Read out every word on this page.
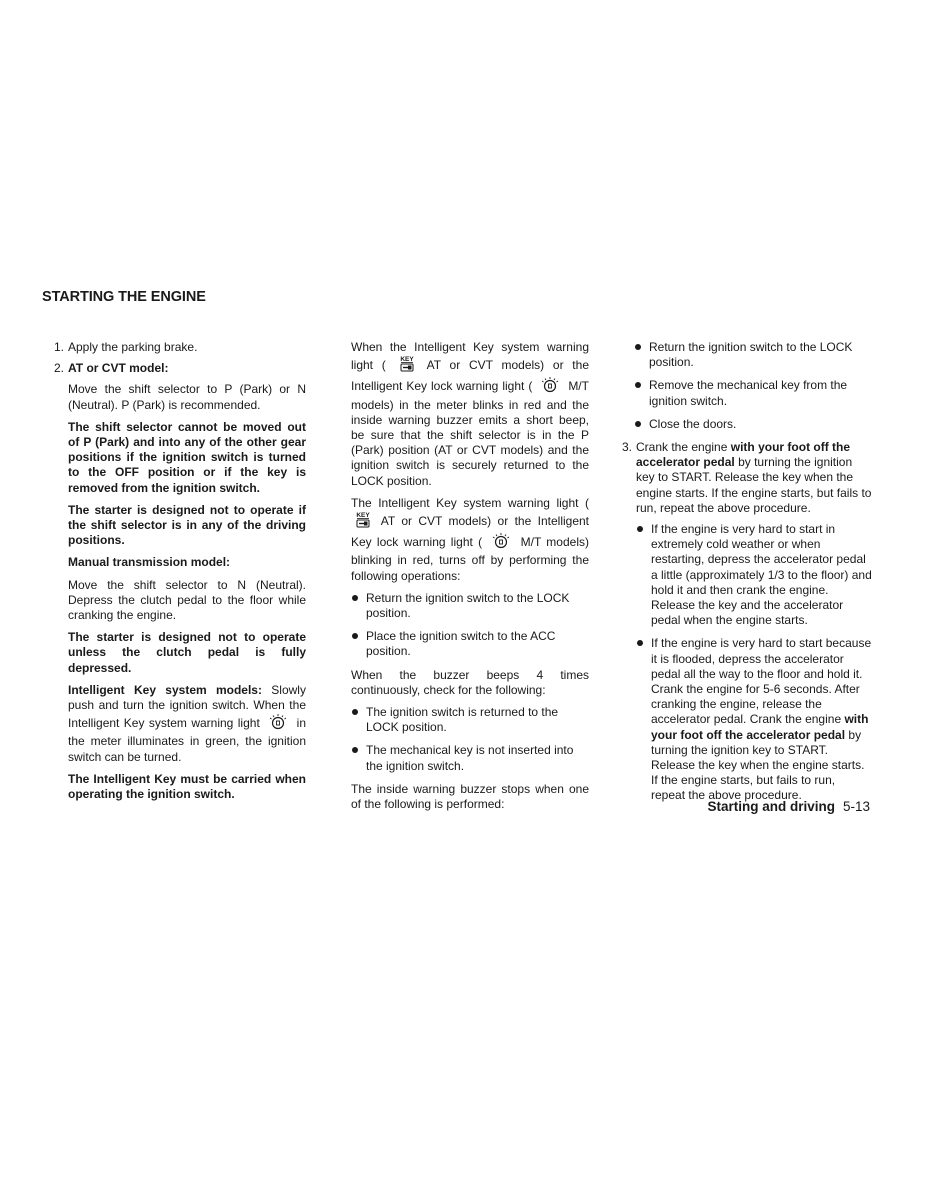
STARTING THE ENGINE
1. Apply the parking brake.
2. AT or CVT model:

Move the shift selector to P (Park) or N (Neutral). P (Park) is recommended.

The shift selector cannot be moved out of P (Park) and into any of the other gear positions if the ignition switch is turned to the OFF position or if the key is removed from the ignition switch.

The starter is designed not to operate if the shift selector is in any of the driving positions.

Manual transmission model:

Move the shift selector to N (Neutral). Depress the clutch pedal to the floor while cranking the engine.

The starter is designed not to operate unless the clutch pedal is fully depressed.

Intelligent Key system models: Slowly push and turn the ignition switch. When the Intelligent Key system warning light	in the meter illuminates in green, the ignition switch can be turned.

The Intelligent Key must be carried when operating the ignition switch.

When the Intelligent Key system warning light ( KEY AT or CVT models) or the Intelligent Key lock warning light (	M/T models) in the meter blinks in red and the inside warning buzzer emits a short beep, be sure that the shift selector is in the P (Park) position (AT or CVT models) and the ignition switch is securely returned to the LOCK position.

The Intelligent Key system warning light (
KEY AT or CVT models) or the Intelligent Key lock warning light (	M/T models) blinking in red, turns off by performing the following operations:

Return the ignition switch to the LOCK position.
Place the ignition switch to the ACC position.

When the buzzer beeps 4 times continuously, check for the following:

The ignition switch is returned to the LOCK position.
The mechanical key is not inserted into the ignition switch.

The inside warning buzzer stops when one of the following is performed:

Return the ignition switch to the LOCK position.
Remove the mechanical key from the ignition switch.
Close the doors.
3. Crank the engine with your foot off the accelerator pedal by turning the ignition key to START. Release the key when the engine starts. If the engine starts, but fails to run, repeat the above procedure.
If the engine is very hard to start in extremely cold weather or when restarting, depress the accelerator pedal a little (approximately 1/3 to the floor) and hold it and then crank the engine. Release the key and the accelerator pedal when the engine starts.
If the engine is very hard to start because it is flooded, depress the accelerator pedal all the way to the floor and hold it. Crank the engine for 5-6 seconds. After cranking the engine, release the accelerator pedal. Crank the engine with your foot off the accelerator pedal by turning the ignition key to START. Release the key when the engine starts. If the engine starts, but fails to run, repeat the above procedure.
Starting and driving 5-13
